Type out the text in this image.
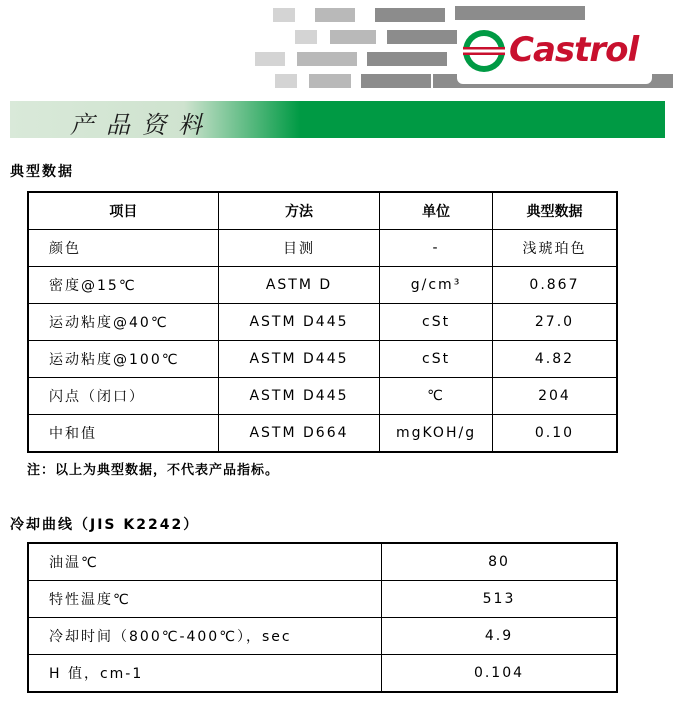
Castrol
产品资料
典型数据
项目	方法	单位	典型数据
颜色	目测	-	浅琥珀色
密度@15℃	ASTM D	g/cm³	0.867
运动粘度@40℃	ASTM D445	cSt	27.0
运动粘度@100℃	ASTM D445	cSt	4.82
闪点（闭口）	ASTM D445	℃	204
中和值	ASTM D664	mgKOH/g	0.10
注：以上为典型数据，不代表产品指标。
冷却曲线（JIS K2242）
油温℃	80
特性温度℃	513
冷却时间（800℃-400℃），sec	4.9
H 值，cm-1	0.104
